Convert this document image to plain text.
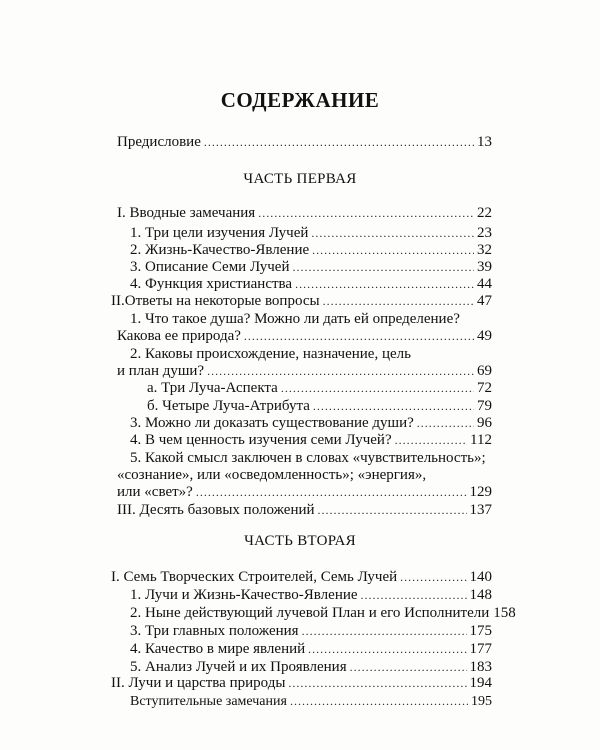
СОДЕРЖАНИЕ
Предисловие .....	13
ЧАСТЬ ПЕРВАЯ
I. Вводные замечания .....	22
1. Три цели изучения Лучей .....	23
2. Жизнь-Качество-Явление .....	32
3. Описание Семи Лучей .....	39
4. Функция христианства .....	44
II.Ответы на некоторые вопросы .....	47
1. Что такое душа? Можно ли дать ей определение?
Какова ее природа? .....	49
2. Каковы происхождение, назначение, цель
и план души? .....	69
а. Три Луча-Аспекта .....	72
б. Четыре Луча-Атрибута .....	79
3. Можно ли доказать существование души? .....	96
4. В чем ценность изучения семи Лучей? .....	112
5. Какой смысл заключен в словах «чувствительность»;
«сознание», или «осведомленность»; «энергия»,
или «свет»? .....	129
III. Десять базовых положений .....	137
ЧАСТЬ ВТОРАЯ
I. Семь Творческих Строителей, Семь Лучей .....	140
1. Лучи и Жизнь-Качество-Явление .....	148
2. Ныне действующий лучевой План и его Исполнители 158
3. Три главных положения .....	175
4. Качество в мире явлений .....	177
5. Анализ Лучей и их Проявления .....	183
II. Лучи и царства природы .....	194
Вступительные замечания .....	195
